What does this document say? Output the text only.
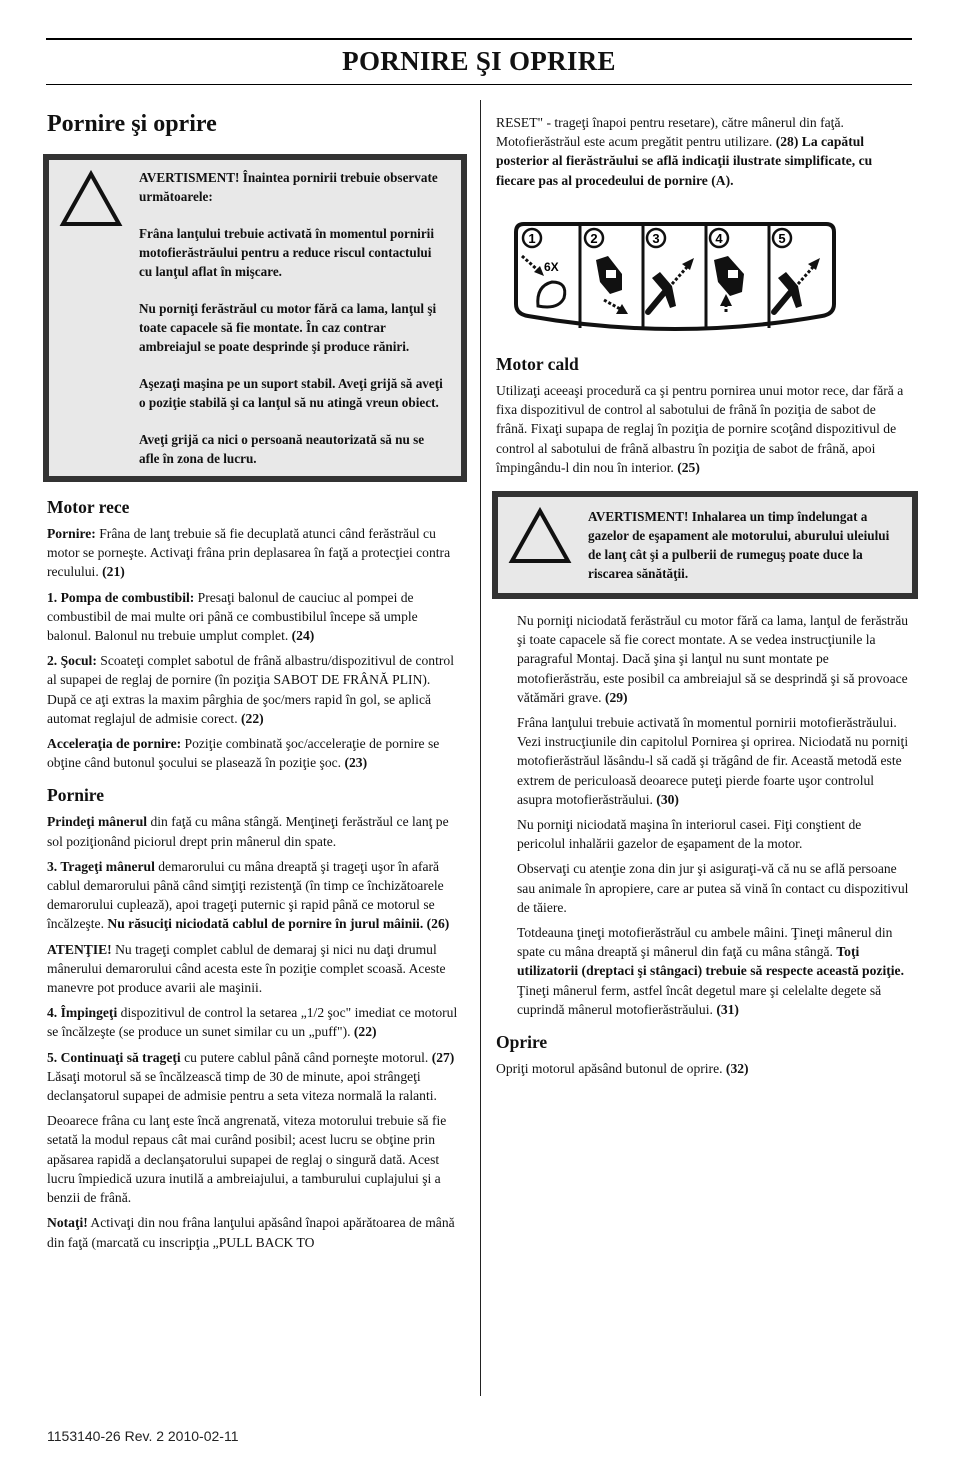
PORNIRE ŞI OPRIRE
Pornire şi oprire

AVERTISMENT! Înaintea pornirii trebuie observate următoarele:

Frâna lanţului trebuie activată în momentul pornirii motofierăstrăului pentru a reduce riscul contactului cu lanţul aflat în mişcare.

Nu porniţi ferăstrăul cu motor fără ca lama, lanţul şi toate capacele să fie montate. În caz contrar ambreiajul se poate desprinde şi produce răniri.

Aşezaţi maşina pe un suport stabil. Aveţi grijă să aveţi o poziţie stabilă şi ca lanţul să nu atingă vreun obiect.

Aveţi grijă ca nici o persoană neautorizată să nu se afle în zona de lucru.

Motor rece

Pornire: Frâna de lanţ trebuie să fie decuplată atunci când ferăstrăul cu motor se porneşte. Activaţi frâna prin deplasarea în faţă a protecţiei contra reculului. (21)

1. Pompa de combustibil: Presaţi balonul de cauciuc al pompei de combustibil de mai multe ori până ce combustibilul începe să umple balonul. Balonul nu trebuie umplut complet. (24)

2. Şocul: Scoateţi complet sabotul de frână albastru/dispozitivul de control al supapei de reglaj de pornire (în poziţia SABOT DE FRÂNĂ PLIN). După ce aţi extras la maxim pârghia de şoc/mers rapid în gol, se aplică automat reglajul de admisie corect. (22)

Acceleraţia de pornire: Poziţie combinată şoc/acceleraţie de pornire se obţine când butonul şocului se plasează în poziţie şoc. (23)

Pornire

Prindeţi mânerul din faţă cu mâna stângă. Menţineţi ferăstrăul ce lanţ pe sol poziţionând piciorul drept prin mânerul din spate.

3. Trageţi mânerul demarorului cu mâna dreaptă şi trageţi uşor în afară cablul demarorului până când simţiţi rezistenţă (în timp ce închizătoarele demarorului cuplează), apoi trageţi puternic şi rapid până ce motorul se încălzeşte. Nu răsuciţi niciodată cablul de pornire în jurul mâinii. (26)

ATENŢIE! Nu trageţi complet cablul de demaraj şi nici nu daţi drumul mânerului demarorului când acesta este în poziţie complet scoasă. Aceste manevre pot produce avarii ale maşinii.

4. Împingeţi dispozitivul de control la setarea „1/2 şoc" imediat ce motorul se încălzeşte (se produce un sunet similar cu un „puff"). (22)

5. Continuaţi să trageţi cu putere cablul până când porneşte motorul. (27) Lăsaţi motorul să se încălzească timp de 30 de minute, apoi strângeţi declanşatorul supapei de admisie pentru a seta viteza normală la ralanti.

Deoarece frâna cu lanţ este încă angrenată, viteza motorului trebuie să fie setată la modul repaus cât mai curând posibil; acest lucru se obţine prin apăsarea rapidă a declanşatorului supapei de reglaj o singură dată. Acest lucru împiedică uzura inutilă a ambreiajului, a tamburului cuplajului şi a benzii de frână.

Notaţi! Activaţi din nou frâna lanţului apăsând înapoi apărătoarea de mână din faţă (marcată cu inscripţia „PULL BACK TO

RESET" - trageţi înapoi pentru resetare), către mânerul din faţă. Motofierăstrăul este acum pregătit pentru utilizare. (28) La capătul posterior al fierăstrăului se află indicaţii ilustrate simplificate, cu fiecare pas al procedeului de pornire (A).

1	2	3	4	5
6X
Motor cald

Utilizaţi aceeaşi procedură ca şi pentru pornirea unui motor rece, dar fără a fixa dispozitivul de control al sabotului de frână în poziţia de sabot de frână. Fixaţi supapa de reglaj în poziţia de pornire scoţând dispozitivul de control al sabotului de frână albastru în poziţia de sabot de frână, apoi împingându-l din nou în interior. (25)

AVERTISMENT! Inhalarea un timp îndelungat a gazelor de eşapament ale motorului, aburului uleiului de lanţ cât şi a pulberii de rumeguş poate duce la riscarea sănătăţii.

Nu porniţi niciodată ferăstrăul cu motor fără ca lama, lanţul de ferăstrău şi toate capacele să fie corect montate. A se vedea instrucţiunile la paragraful Montaj. Dacă şina şi lanţul nu sunt montate pe motofierăstrău, este posibil ca ambreiajul să se desprindă şi să provoace vătămări grave. (29)

Frâna lanţului trebuie activată în momentul pornirii motofierăstrăului. Vezi instrucţiunile din capitolul Pornirea şi oprirea. Niciodată nu porniţi motofierăstrăul lăsându-l să cadă şi trăgând de fir. Această metodă este extrem de periculoasă deoarece puteţi pierde foarte uşor controlul asupra motofierăstrăului. (30)

Nu porniţi niciodată maşina în interiorul casei. Fiţi conştient de pericolul inhalării gazelor de eşapament de la motor.

Observaţi cu atenţie zona din jur şi asiguraţi-vă că nu se află persoane sau animale în apropiere, care ar putea să vină în contact cu dispozitivul de tăiere.

Totdeauna ţineţi motofierăstrăul cu ambele mâini. Ţineţi mânerul din spate cu mâna dreaptă şi mânerul din faţă cu mâna stângă. Toţi utilizatorii (dreptaci şi stângaci) trebuie să respecte această poziţie. Ţineţi mânerul ferm, astfel încât degetul mare şi celelalte degete să cuprindă mânerul motofierăstrăului. (31)

Oprire

Opriţi motorul apăsând butonul de oprire. (32)

1153140-26 Rev. 2 2010-02-11
